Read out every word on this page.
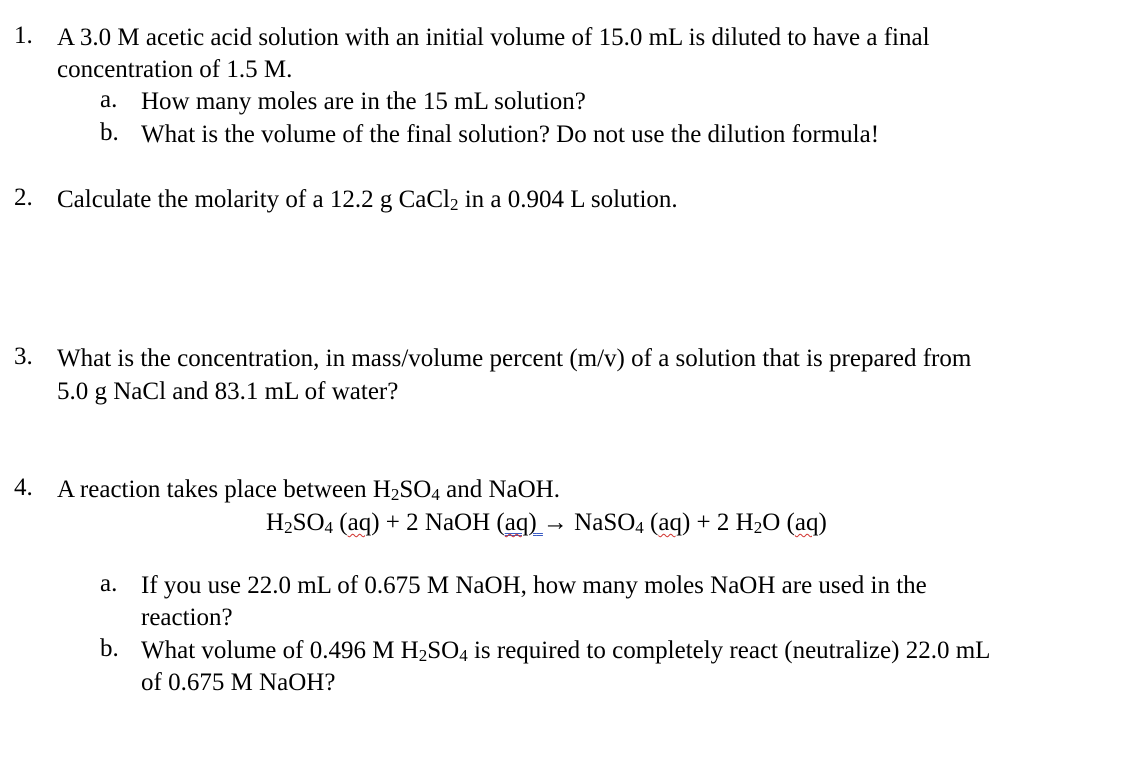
1. A 3.0 M acetic acid solution with an initial volume of 15.0 mL is diluted to have a final
concentration of 1.5 M.
a. How many moles are in the 15 mL solution?
b. What is the volume of the final solution? Do not use the dilution formula!
2. Calculate the molarity of a 12.2 g CaCl$_2$ in a 0.904 L solution.
3. What is the concentration, in mass/volume percent (m/v) of a solution that is prepared from
5.0 g NaCl and 83.1 mL of water?
4. A reaction takes place between $H_2SO_4$ and NaOH.
$H_2SO_4$ (aq) + 2 NaOH (aq) → NaSO$_4$ (aq) + 2 $H_2O$ (aq)
a. If you use 22.0 mL of 0.675 M NaOH, how many moles NaOH are used in the
reaction?
b. What volume of 0.496 M $H_2SO_4$ is required to completely react (neutralize) 22.0 mL
of 0.675 M NaOH?
